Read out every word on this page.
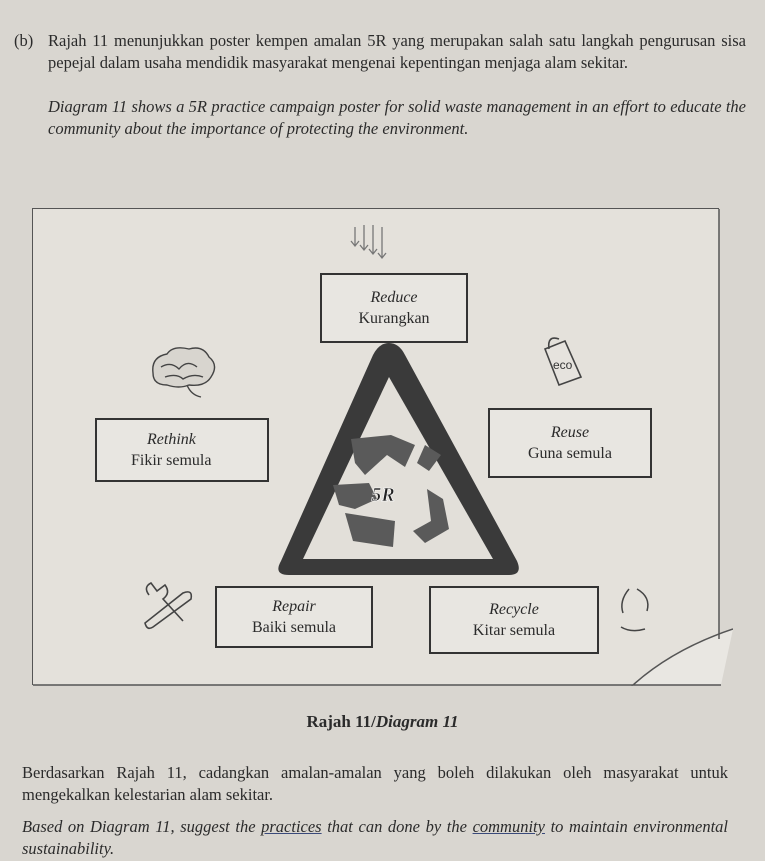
(b) Rajah 11 menunjukkan poster kempen amalan 5R yang merupakan salah satu langkah pengurusan sisa pepejal dalam usaha mendidik masyarakat mengenai kepentingan menjaga alam sekitar.
Diagram 11 shows a 5R practice campaign poster for solid waste management in an effort to educate the community about the importance of protecting the environment.
eco
5R
Reduce
Kurangkan
Reuse
Guna semula
Rethink
Fikir semula
Repair
Baiki semula
Recycle
Kitar semula
Rajah 11/Diagram 11
Berdasarkan Rajah 11, cadangkan amalan-amalan yang boleh dilakukan oleh masyarakat untuk mengekalkan kelestarian alam sekitar.
Based on Diagram 11, suggest the practices that can done by the community to maintain environmental sustainability.
